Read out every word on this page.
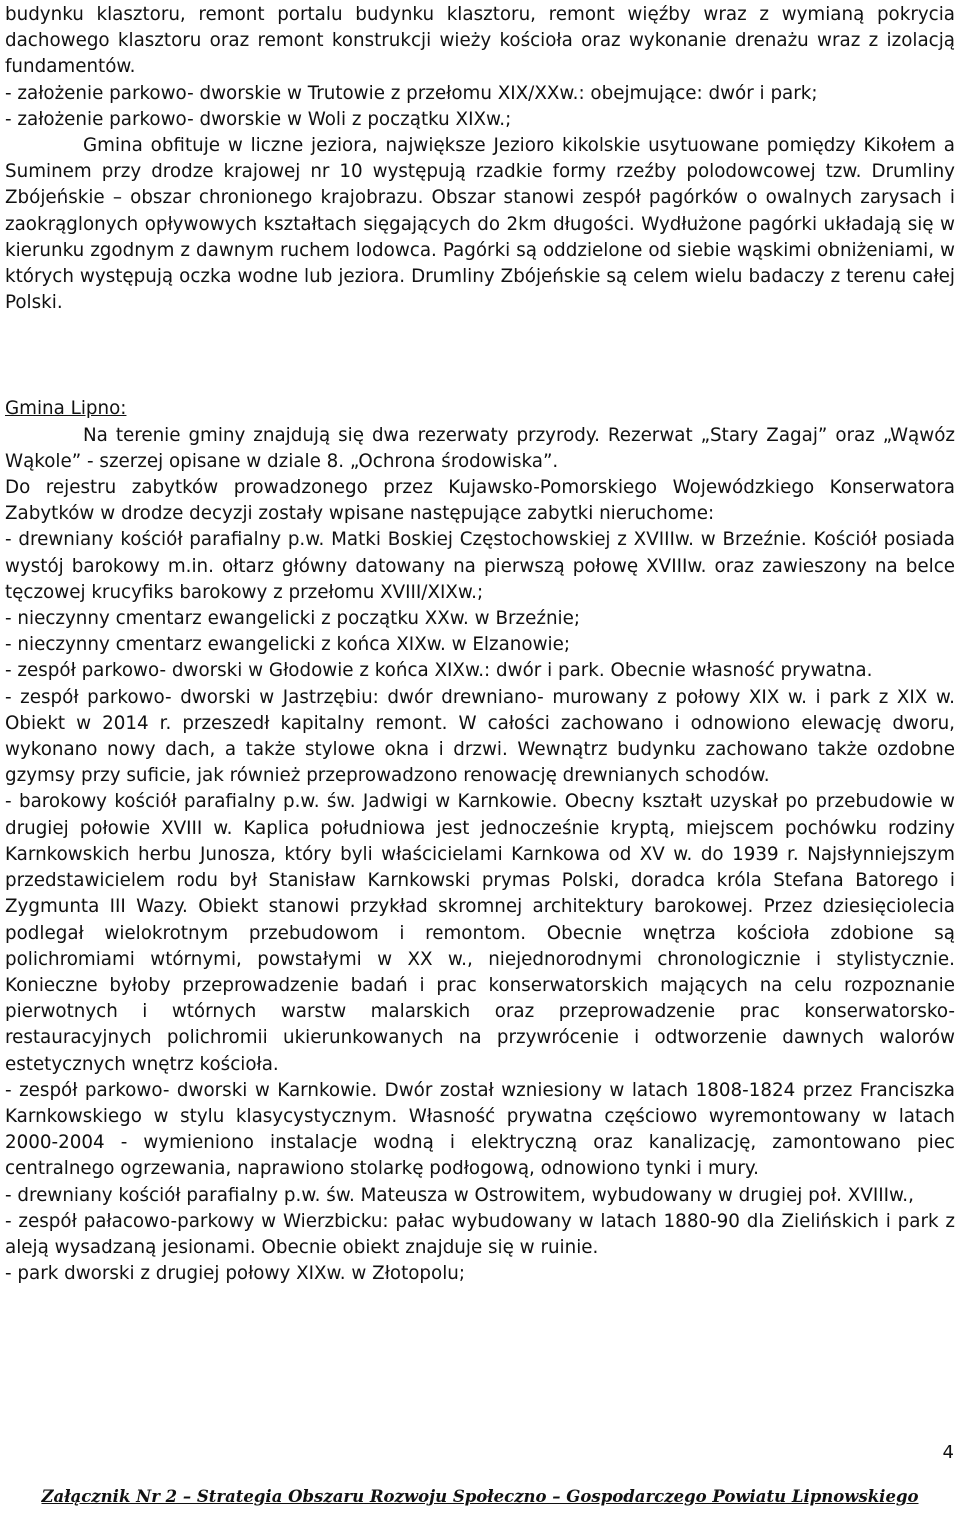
budynku klasztoru, remont portalu budynku klasztoru, remont więźby wraz z wymianą pokrycia dachowego klasztoru oraz remont konstrukcji wieży kościoła oraz wykonanie drenażu wraz z izolacją fundamentów.

- założenie parkowo- dworskie w Trutowie z przełomu XIX/XXw.: obejmujące: dwór i park;

- założenie parkowo- dworskie w Woli z początku XIXw.;

Gmina obfituje w liczne jeziora, największe Jezioro kikolskie usytuowane pomiędzy Kikołem a Suminem przy drodze krajowej nr 10 występują rzadkie formy rzeźby polodowcowej tzw. Drumliny Zbójeńskie – obszar chronionego krajobrazu. Obszar stanowi zespół pagórków o owalnych zarysach i zaokrąglonych opływowych kształtach sięgających do 2km długości. Wydłużone pagórki układają się w kierunku zgodnym z dawnym ruchem lodowca. Pagórki są oddzielone od siebie wąskimi obniżeniami, w których występują oczka wodne lub jeziora. Drumliny Zbójeńskie są celem wielu badaczy z terenu całej Polski.

Gmina Lipno:

Na terenie gminy znajdują się dwa rezerwaty przyrody. Rezerwat „Stary Zagaj” oraz „Wąwóz Wąkole” - szerzej opisane w dziale 8. „Ochrona środowiska”.

Do rejestru zabytków prowadzonego przez Kujawsko-Pomorskiego Wojewódzkiego Konserwatora Zabytków w drodze decyzji zostały wpisane następujące zabytki nieruchome:

- drewniany kościół parafialny p.w. Matki Boskiej Częstochowskiej z XVIIIw. w Brzeźnie. Kościół posiada wystój barokowy m.in. ołtarz główny datowany na pierwszą połowę XVIIIw. oraz zawieszony na belce tęczowej krucyfiks barokowy z przełomu XVIII/XIXw.;

- nieczynny cmentarz ewangelicki z początku XXw. w Brzeźnie;

- nieczynny cmentarz ewangelicki z końca XIXw. w Elzanowie;

- zespół parkowo- dworski w Głodowie z końca XIXw.: dwór i park. Obecnie własność prywatna.

- zespół parkowo- dworski w Jastrzębiu: dwór drewniano- murowany z połowy XIX w. i park z XIX w. Obiekt w 2014 r. przeszedł kapitalny remont. W całości zachowano i odnowiono elewację dworu, wykonano nowy dach, a także stylowe okna i drzwi. Wewnątrz budynku zachowano także ozdobne gzymsy przy suficie, jak również przeprowadzono renowację drewnianych schodów.

- barokowy kościół parafialny p.w. św. Jadwigi w Karnkowie. Obecny kształt uzyskał po przebudowie w drugiej połowie XVIII w. Kaplica południowa jest jednocześnie kryptą, miejscem pochówku rodziny Karnkowskich herbu Junosza, który byli właścicielami Karnkowa od XV w. do 1939 r. Najsłynniejszym przedstawicielem rodu był Stanisław Karnkowski prymas Polski, doradca króla Stefana Batorego i Zygmunta III Wazy. Obiekt stanowi przykład skromnej architektury barokowej. Przez dziesięciolecia podlegał wielokrotnym przebudowom i remontom. Obecnie wnętrza kościoła zdobione są polichromiami wtórnymi, powstałymi w XX w., niejednorodnymi chronologicznie i stylistycznie. Konieczne byłoby przeprowadzenie badań i prac konserwatorskich mających na celu rozpoznanie pierwotnych i wtórnych warstw malarskich oraz przeprowadzenie prac konserwatorsko- restauracyjnych polichromii ukierunkowanych na przywrócenie i odtworzenie dawnych walorów estetycznych wnętrz kościoła.

- zespół parkowo- dworski w Karnkowie. Dwór został wzniesiony w latach 1808-1824 przez Franciszka Karnkowskiego w stylu klasycystycznym. Własność prywatna częściowo wyremontowany w latach 2000-2004 - wymieniono instalacje wodną i elektryczną oraz kanalizację, zamontowano piec centralnego ogrzewania, naprawiono stolarkę podłogową, odnowiono tynki i mury.

- drewniany kościół parafialny p.w. św. Mateusza w Ostrowitem, wybudowany w drugiej poł. XVIIIw.,

- zespół pałacowo-parkowy w Wierzbicku: pałac wybudowany w latach 1880-90 dla Zielińskich i park z aleją wysadzaną jesionami. Obecnie obiekt znajduje się w ruinie.

- park dworski z drugiej połowy XIXw. w Złotopolu;

4
Załącznik Nr 2 – Strategia Obszaru Rozwoju Społeczno – Gospodarczego Powiatu Lipnowskiego
